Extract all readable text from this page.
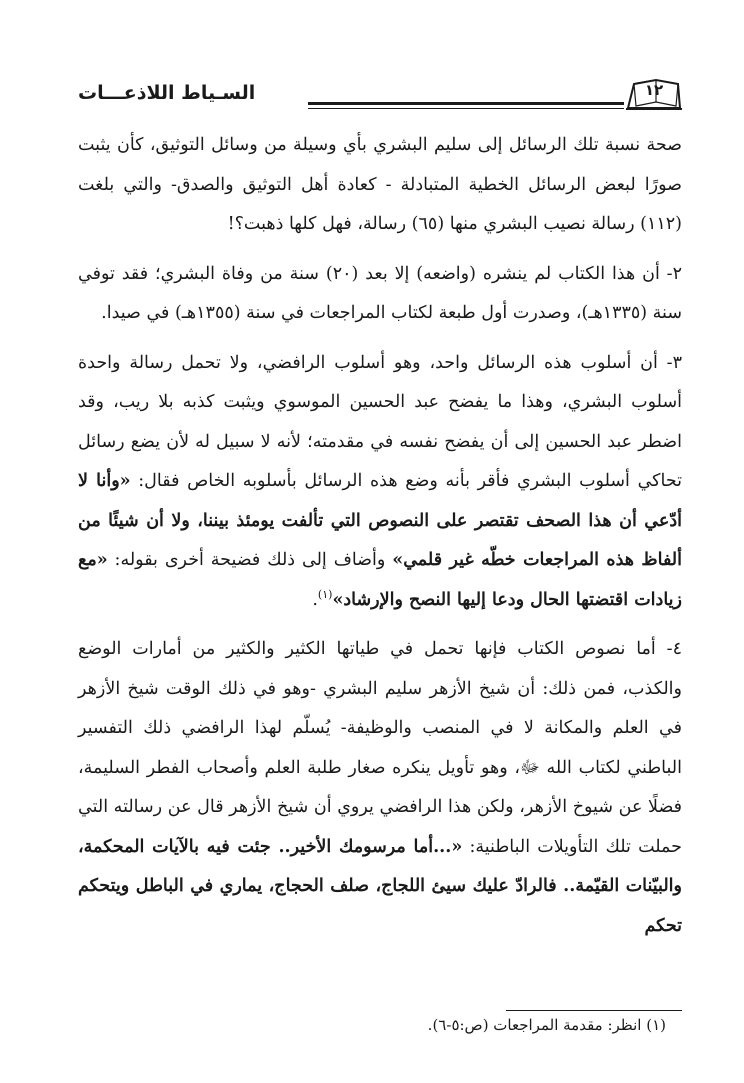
السـياط اللاذعـــات	١٢

صحة نسبة تلك الرسائل إلى سليم البشري بأي وسيلة من وسائل التوثيق، كأن يثبت صورًا لبعض الرسائل الخطية المتبادلة - كعادة أهل التوثيق والصدق- والتي بلغت (١١٢) رسالة نصيب البشري منها (٦٥) رسالة، فهل كلها ذهبت؟!

٢- أن هذا الكتاب لم ينشره (واضعه) إلا بعد (٢٠) سنة من وفاة البشري؛ فقد توفي سنة (١٣٣٥هـ)، وصدرت أول طبعة لكتاب المراجعات في سنة (١٣٥٥هـ) في صيدا.

٣- أن أسلوب هذه الرسائل واحد، وهو أسلوب الرافضي، ولا تحمل رسالة واحدة أسلوب البشري، وهذا ما يفضح عبد الحسين الموسوي ويثبت كذبه بلا ريب، وقد اضطر عبد الحسين إلى أن يفضح نفسه في مقدمته؛ لأنه لا سبيل له لأن يضع رسائل تحاكي أسلوب البشري فأقر بأنه وضع هذه الرسائل بأسلوبه الخاص فقال: «وأنا لا أدّعي أن هذا الصحف تقتصر على النصوص التي تألفت يومئذ بيننا، ولا أن شيئًا من ألفاظ هذه المراجعات خطّه غير قلمي» وأضاف إلى ذلك فضيحة أخرى بقوله: «مع زيادات اقتضتها الحال ودعا إليها النصح والإرشاد»$^{(١)}$.

٤- أما نصوص الكتاب فإنها تحمل في طياتها الكثير والكثير من أمارات الوضع والكذب، فمن ذلك: أن شيخ الأزهر سليم البشري -وهو في ذلك الوقت شيخ الأزهر في العلم والمكانة لا في المنصب والوظيفة- يُسلّم لهذا الرافضي ذلك التفسير الباطني لكتاب الله ﷻ، وهو تأويل ينكره صغار طلبة العلم وأصحاب الفطر السليمة، فضلًا عن شيوخ الأزهر، ولكن هذا الرافضي يروي أن شيخ الأزهر قال عن رسالته التي حملت تلك التأويلات الباطنية: «...أما مرسومك الأخير.. جئت فيه بالآيات المحكمة، والبيّنات القيّمة.. فالرادّ عليك سيئ اللجاج، صلف الحجاج، يماري في الباطل ويتحكم تحكم

(١) انظر: مقدمة المراجعات (ص:٥-٦).
